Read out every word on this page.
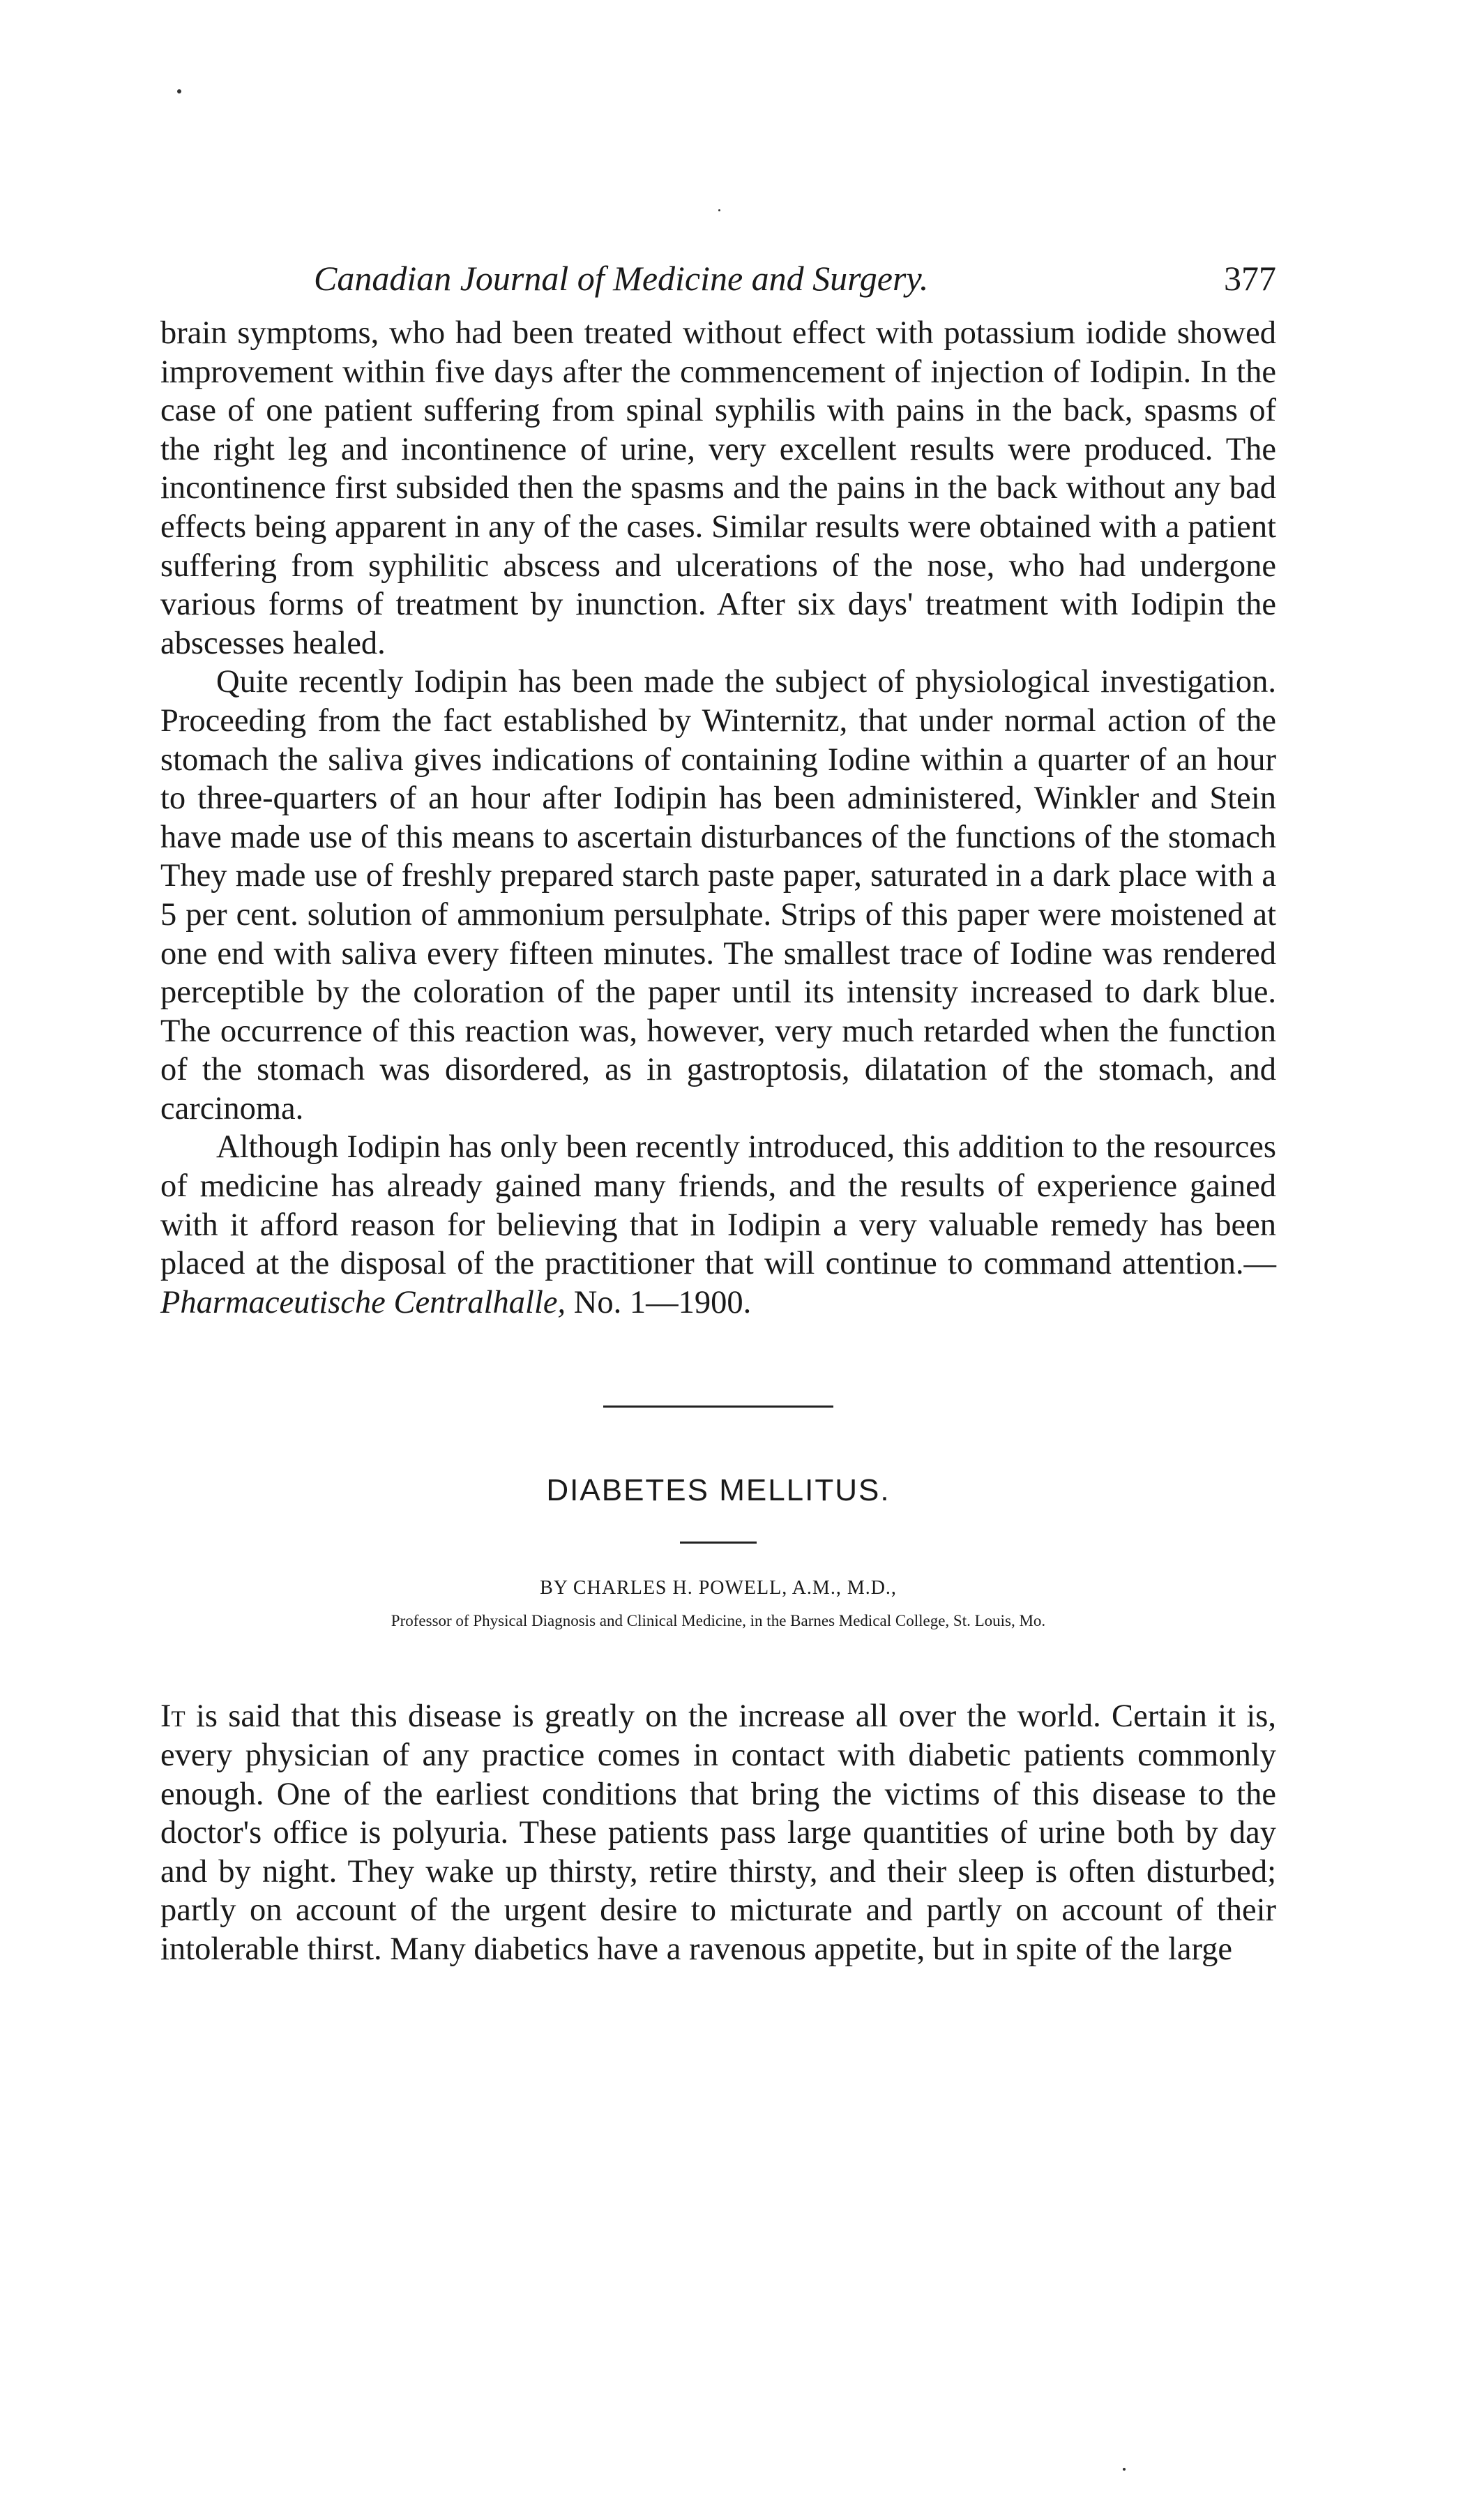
Canadian Journal of Medicine and Surgery.	377

brain symptoms, who had been treated without effect with potassium iodide showed improvement within five days after the commencement of injection of Iodipin. In the case of one patient suffering from spinal syphilis with pains in the back, spasms of the right leg and incontinence of urine, very excellent results were produced. The incontinence first subsided then the spasms and the pains in the back without any bad effects being apparent in any of the cases. Similar results were obtained with a patient suffering from syphilitic abscess and ulcerations of the nose, who had undergone various forms of treatment by inunction. After six days' treatment with Iodipin the abscesses healed.

Quite recently Iodipin has been made the subject of physiological investigation. Proceeding from the fact established by Winternitz, that under normal action of the stomach the saliva gives indications of containing Iodine within a quarter of an hour to three-quarters of an hour after Iodipin has been administered, Winkler and Stein have made use of this means to ascertain disturbances of the functions of the stomach They made use of freshly prepared starch paste paper, saturated in a dark place with a 5 per cent. solution of ammonium persulphate. Strips of this paper were moistened at one end with saliva every fifteen minutes. The smallest trace of Iodine was rendered perceptible by the coloration of the paper until its intensity increased to dark blue. The occurrence of this reaction was, however, very much retarded when the function of the stomach was disordered, as in gastroptosis, dilatation of the stomach, and carcinoma.

Although Iodipin has only been recently introduced, this addition to the resources of medicine has already gained many friends, and the results of experience gained with it afford reason for believing that in Iodipin a very valuable remedy has been placed at the disposal of the practitioner that will continue to command attention.—Pharmaceutische Centralhalle, No. 1—1900.

DIABETES MELLITUS.
BY CHARLES H. POWELL, A.M., M.D.,
Professor of Physical Diagnosis and Clinical Medicine, in the Barnes Medical College, St. Louis, Mo.

It is said that this disease is greatly on the increase all over the world. Certain it is, every physician of any practice comes in contact with diabetic patients commonly enough. One of the earliest conditions that bring the victims of this disease to the doctor's office is polyuria. These patients pass large quantities of urine both by day and by night. They wake up thirsty, retire thirsty, and their sleep is often disturbed; partly on account of the urgent desire to micturate and partly on account of their intolerable thirst. Many diabetics have a ravenous appetite, but in spite of the large
